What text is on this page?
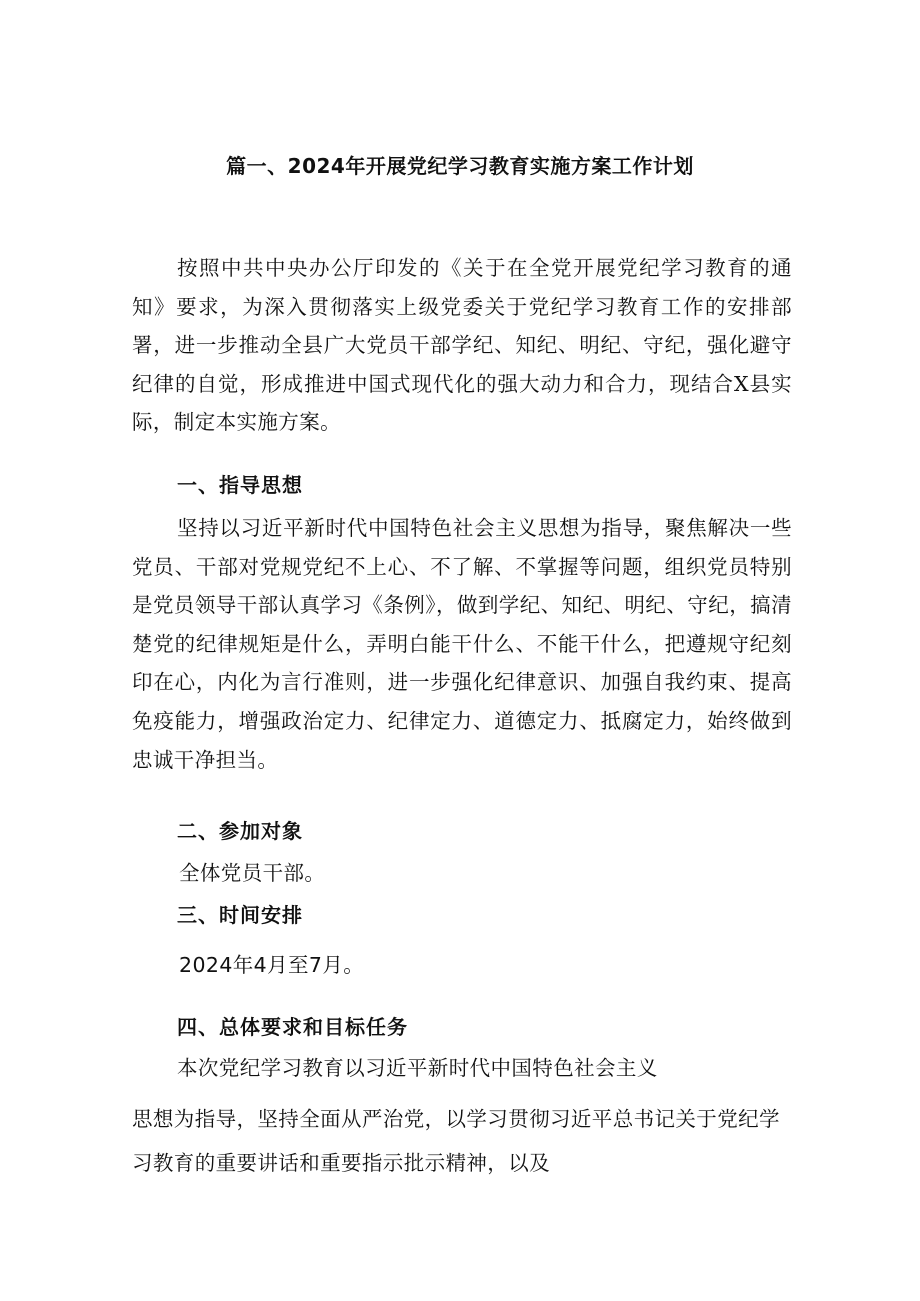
篇一、2024年开展党纪学习教育实施方案工作计划
按照中共中央办公厅印发的《关于在全党开展党纪学习教育的通知》要求，为深入贯彻落实上级党委关于党纪学习教育工作的安排部署，进一步推动全县广大党员干部学纪、知纪、明纪、守纪，强化避守纪律的自觉，形成推进中国式现代化的强大动力和合力，现结合X县实际，制定本实施方案。
一、指导思想
坚持以习近平新时代中国特色社会主义思想为指导，聚焦解决一些党员、干部对党规党纪不上心、不了解、不掌握等问题，组织党员特别是党员领导干部认真学习《条例》，做到学纪、知纪、明纪、守纪，搞清楚党的纪律规矩是什么，弄明白能干什么、不能干什么，把遵规守纪刻印在心，内化为言行准则，进一步强化纪律意识、加强自我约束、提高免疫能力，增强政治定力、纪律定力、道德定力、抵腐定力，始终做到忠诚干净担当。
二、参加对象
全体党员干部。
三、时间安排
2024年4月至7月。
四、总体要求和目标任务
本次党纪学习教育以习近平新时代中国特色社会主义
思想为指导，坚持全面从严治党，以学习贯彻习近平总书记关于党纪学
习教育的重要讲话和重要指示批示精神，以及
